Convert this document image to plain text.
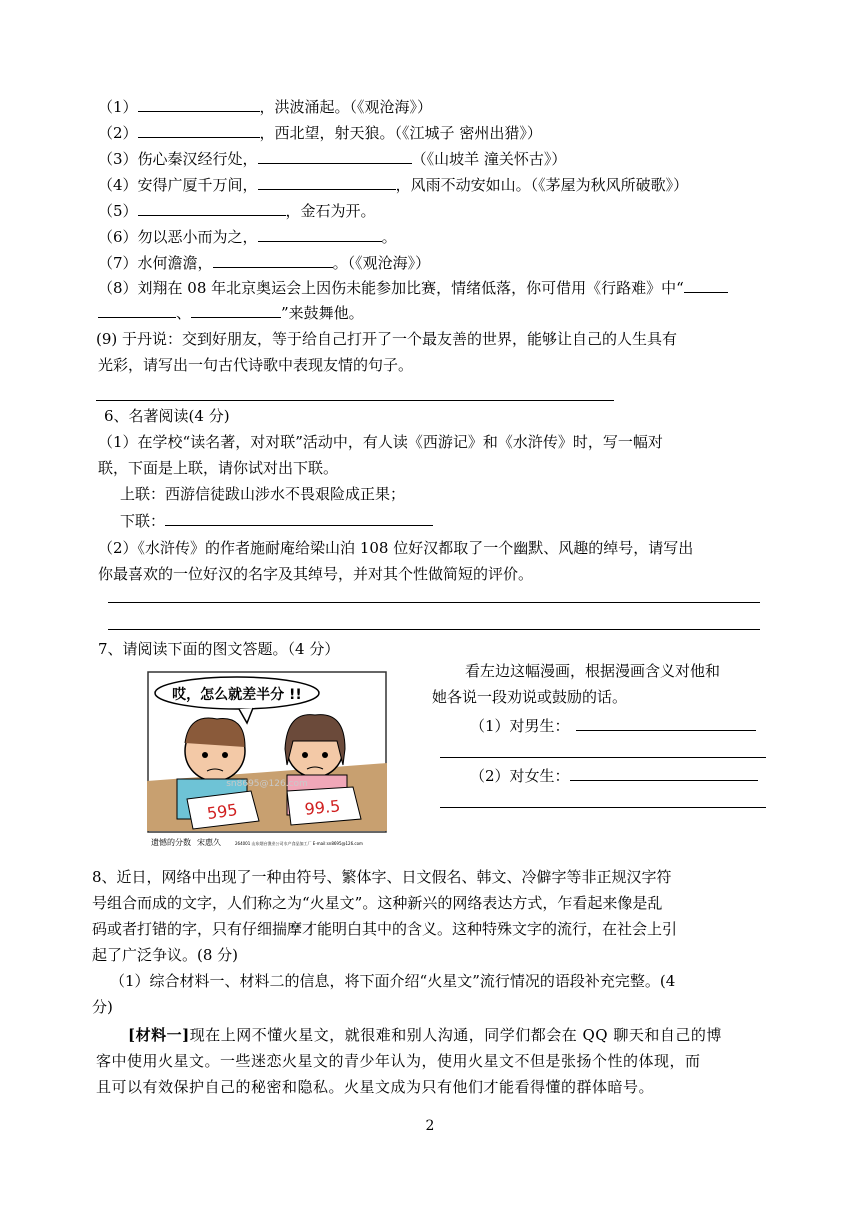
（1）	，洪波涌起。（《观沧海》）
（2）	，西北望，射天狼。（《江城子 密州出猎》）
（3）伤心秦汉经行处，	（《山坡羊 潼关怀古》）
（4）安得广厦千万间，	，风雨不动安如山。（《茅屋为秋风所破歌》）
（5）	，金石为开。
（6）勿以恶小而为之，	。
（7）水何澹澹，	。（《观沧海》）
（8）刘翔在 08 年北京奥运会上因伤未能参加比赛，情绪低落，你可借用《行路难》中“
、	”来鼓舞他。
(9) 于丹说：交到好朋友，等于给自己打开了一个最友善的世界，能够让自己的人生具有
光彩，请写出一句古代诗歌中表现友情的句子。
6、名著阅读(4 分)
（1）在学校“读名著，对对联”活动中，有人读《西游记》和《水浒传》时，写一幅对
联，下面是上联，请你试对出下联。
上联：西游信徒跋山涉水不畏艰险成正果；
下联：
（2）《水浒传》的作者施耐庵给梁山泊 108 位好汉都取了一个幽默、风趣的绰号，请写出
你最喜欢的一位好汉的名字及其绰号，并对其个性做简短的评价。
7、请阅读下面的图文答题。（4 分）
哎，怎么就差半分 !!
595	99.5
sn8695@126.com
遗憾的分数 宋惠久	264001 山东烟台渔业公司水产食品加工厂 E-mail:sn8695@126.com
看左边这幅漫画，根据漫画含义对他和
她各说一段劝说或鼓励的话。
（1）对男生：
（2）对女生：
8、近日，网络中出现了一种由符号、繁体字、日文假名、韩文、冷僻字等非正规汉字符
号组合而成的文字，人们称之为“火星文”。这种新兴的网络表达方式，乍看起来像是乱
码或者打错的字，只有仔细揣摩才能明白其中的含义。这种特殊文字的流行，在社会上引
起了广泛争议。(8 分)
（1）综合材料一、材料二的信息，将下面介绍“火星文”流行情况的语段补充完整。(4
分)
[材料一]现在上网不懂火星文，就很难和别人沟通，同学们都会在 QQ 聊天和自己的博
客中使用火星文。一些迷恋火星文的青少年认为，使用火星文不但是张扬个性的体现，而
且可以有效保护自己的秘密和隐私。火星文成为只有他们才能看得懂的群体暗号。
2
